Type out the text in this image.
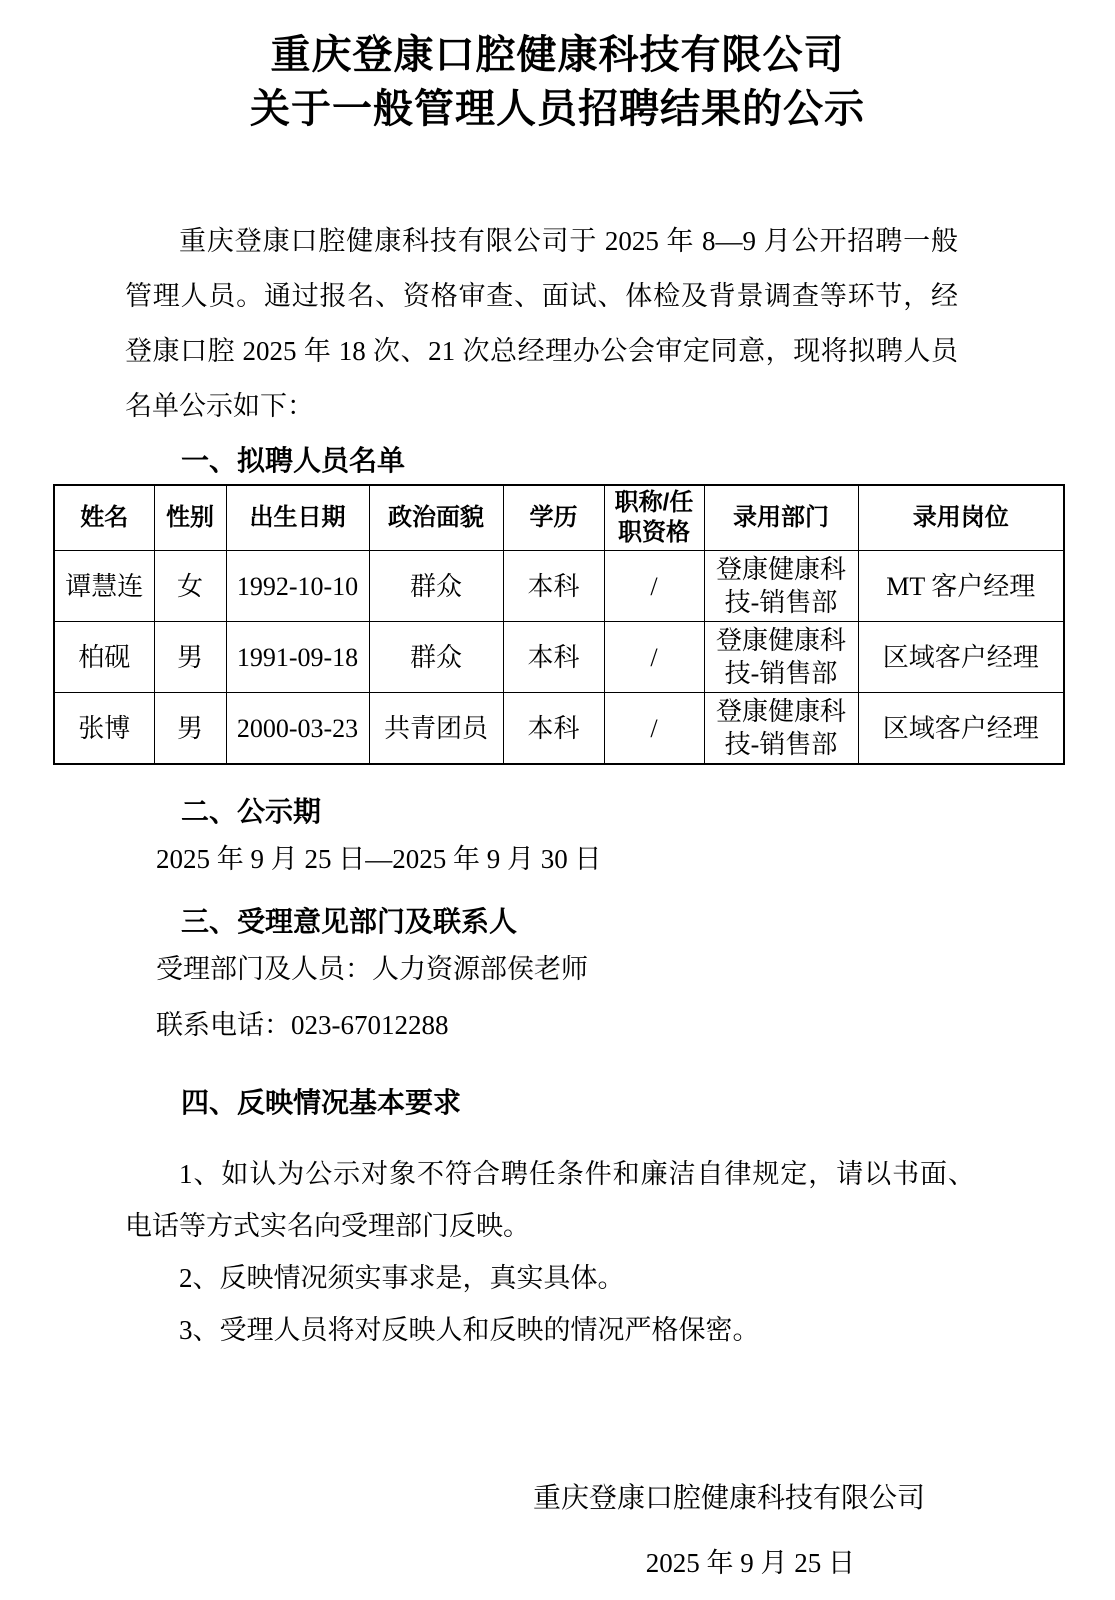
重庆登康口腔健康科技有限公司
关于一般管理人员招聘结果的公示

重庆登康口腔健康科技有限公司于 2025 年 8—9 月公开招聘一般管理人员。通过报名、资格审查、面试、体检及背景调查等环节，经登康口腔 2025 年 18 次、21 次总经理办公会审定同意，现将拟聘人员名单公示如下：

一、拟聘人员名单
姓名	性别	出生日期	政治面貌	学历	职称/任职资格	录用部门	录用岗位
谭慧连	女	1992-10-10	群众	本科	/	登康健康科技-销售部	MT 客户经理
柏砚	男	1991-09-18	群众	本科	/	登康健康科技-销售部	区域客户经理
张博	男	2000-03-23	共青团员	本科	/	登康健康科技-销售部	区域客户经理
二、公示期

2025 年 9 月 25 日—2025 年 9 月 30 日

三、受理意见部门及联系人

受理部门及人员：人力资源部侯老师

联系电话：023-67012288

四、反映情况基本要求

1、如认为公示对象不符合聘任条件和廉洁自律规定，请以书面、电话等方式实名向受理部门反映。

2、反映情况须实事求是，真实具体。

3、受理人员将对反映人和反映的情况严格保密。

重庆登康口腔健康科技有限公司
2025 年 9 月 25 日
